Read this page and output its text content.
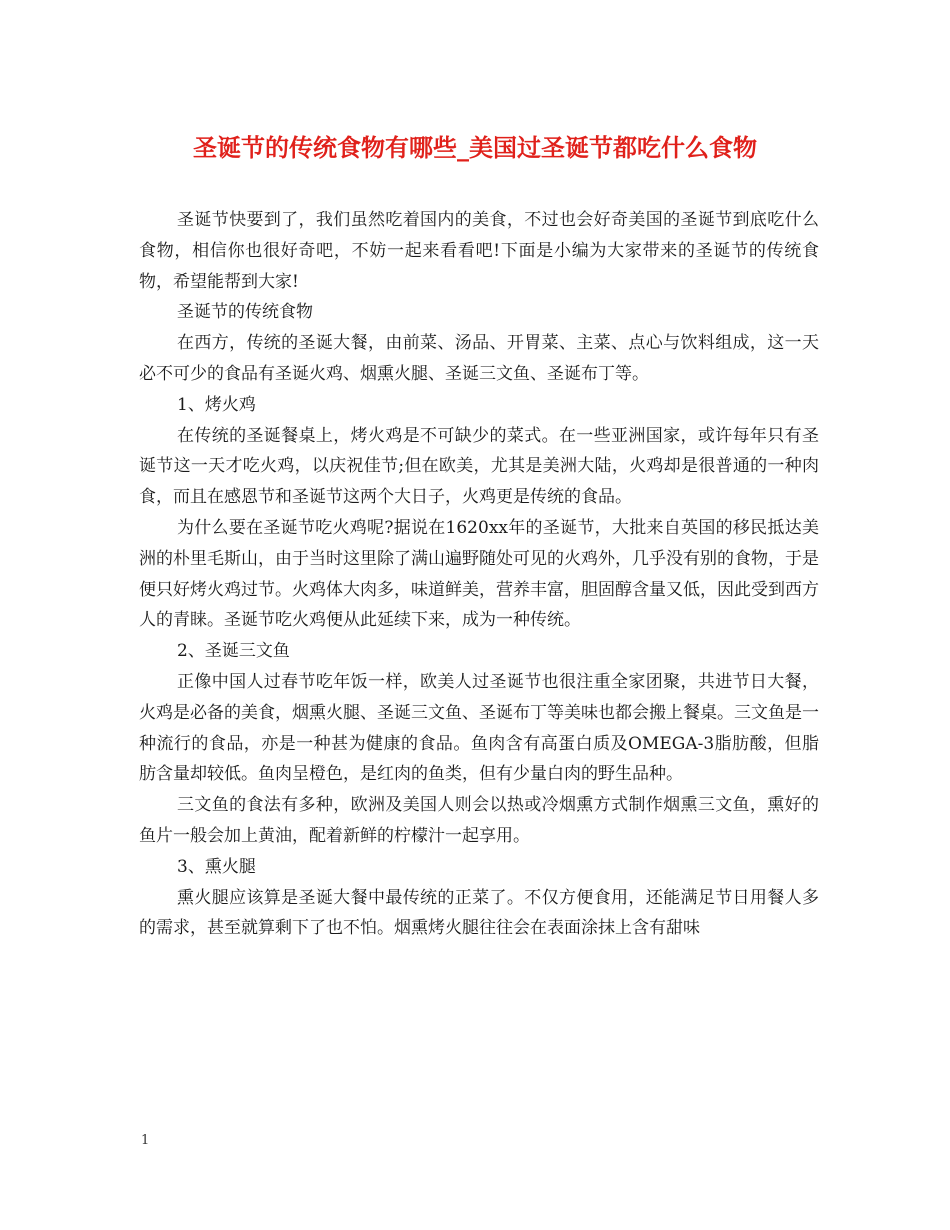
圣诞节的传统食物有哪些_美国过圣诞节都吃什么食物

圣诞节快要到了，我们虽然吃着国内的美食，不过也会好奇美国的圣诞节到底吃什么食物，相信你也很好奇吧，不妨一起来看看吧!下面是小编为大家带来的圣诞节的传统食物，希望能帮到大家!

圣诞节的传统食物

在西方，传统的圣诞大餐，由前菜、汤品、开胃菜、主菜、点心与饮料组成，这一天必不可少的食品有圣诞火鸡、烟熏火腿、圣诞三文鱼、圣诞布丁等。

1、烤火鸡

在传统的圣诞餐桌上，烤火鸡是不可缺少的菜式。在一些亚洲国家，或许每年只有圣诞节这一天才吃火鸡，以庆祝佳节;但在欧美，尤其是美洲大陆，火鸡却是很普通的一种肉食，而且在感恩节和圣诞节这两个大日子，火鸡更是传统的食品。

为什么要在圣诞节吃火鸡呢?据说在1620xx年的圣诞节，大批来自英国的移民抵达美洲的朴里毛斯山，由于当时这里除了满山遍野随处可见的火鸡外，几乎没有别的食物，于是便只好烤火鸡过节。火鸡体大肉多，味道鲜美，营养丰富，胆固醇含量又低，因此受到西方人的青睐。圣诞节吃火鸡便从此延续下来，成为一种传统。

2、圣诞三文鱼

正像中国人过春节吃年饭一样，欧美人过圣诞节也很注重全家团聚，共进节日大餐，火鸡是必备的美食，烟熏火腿、圣诞三文鱼、圣诞布丁等美味也都会搬上餐桌。三文鱼是一种流行的食品，亦是一种甚为健康的食品。鱼肉含有高蛋白质及OMEGA-3脂肪酸，但脂肪含量却较低。鱼肉呈橙色，是红肉的鱼类，但有少量白肉的野生品种。

三文鱼的食法有多种，欧洲及美国人则会以热或冷烟熏方式制作烟熏三文鱼，熏好的鱼片一般会加上黄油，配着新鲜的柠檬汁一起享用。

3、熏火腿

熏火腿应该算是圣诞大餐中最传统的正菜了。不仅方便食用，还能满足节日用餐人多的需求，甚至就算剩下了也不怕。烟熏烤火腿往往会在表面涂抹上含有甜味

1
